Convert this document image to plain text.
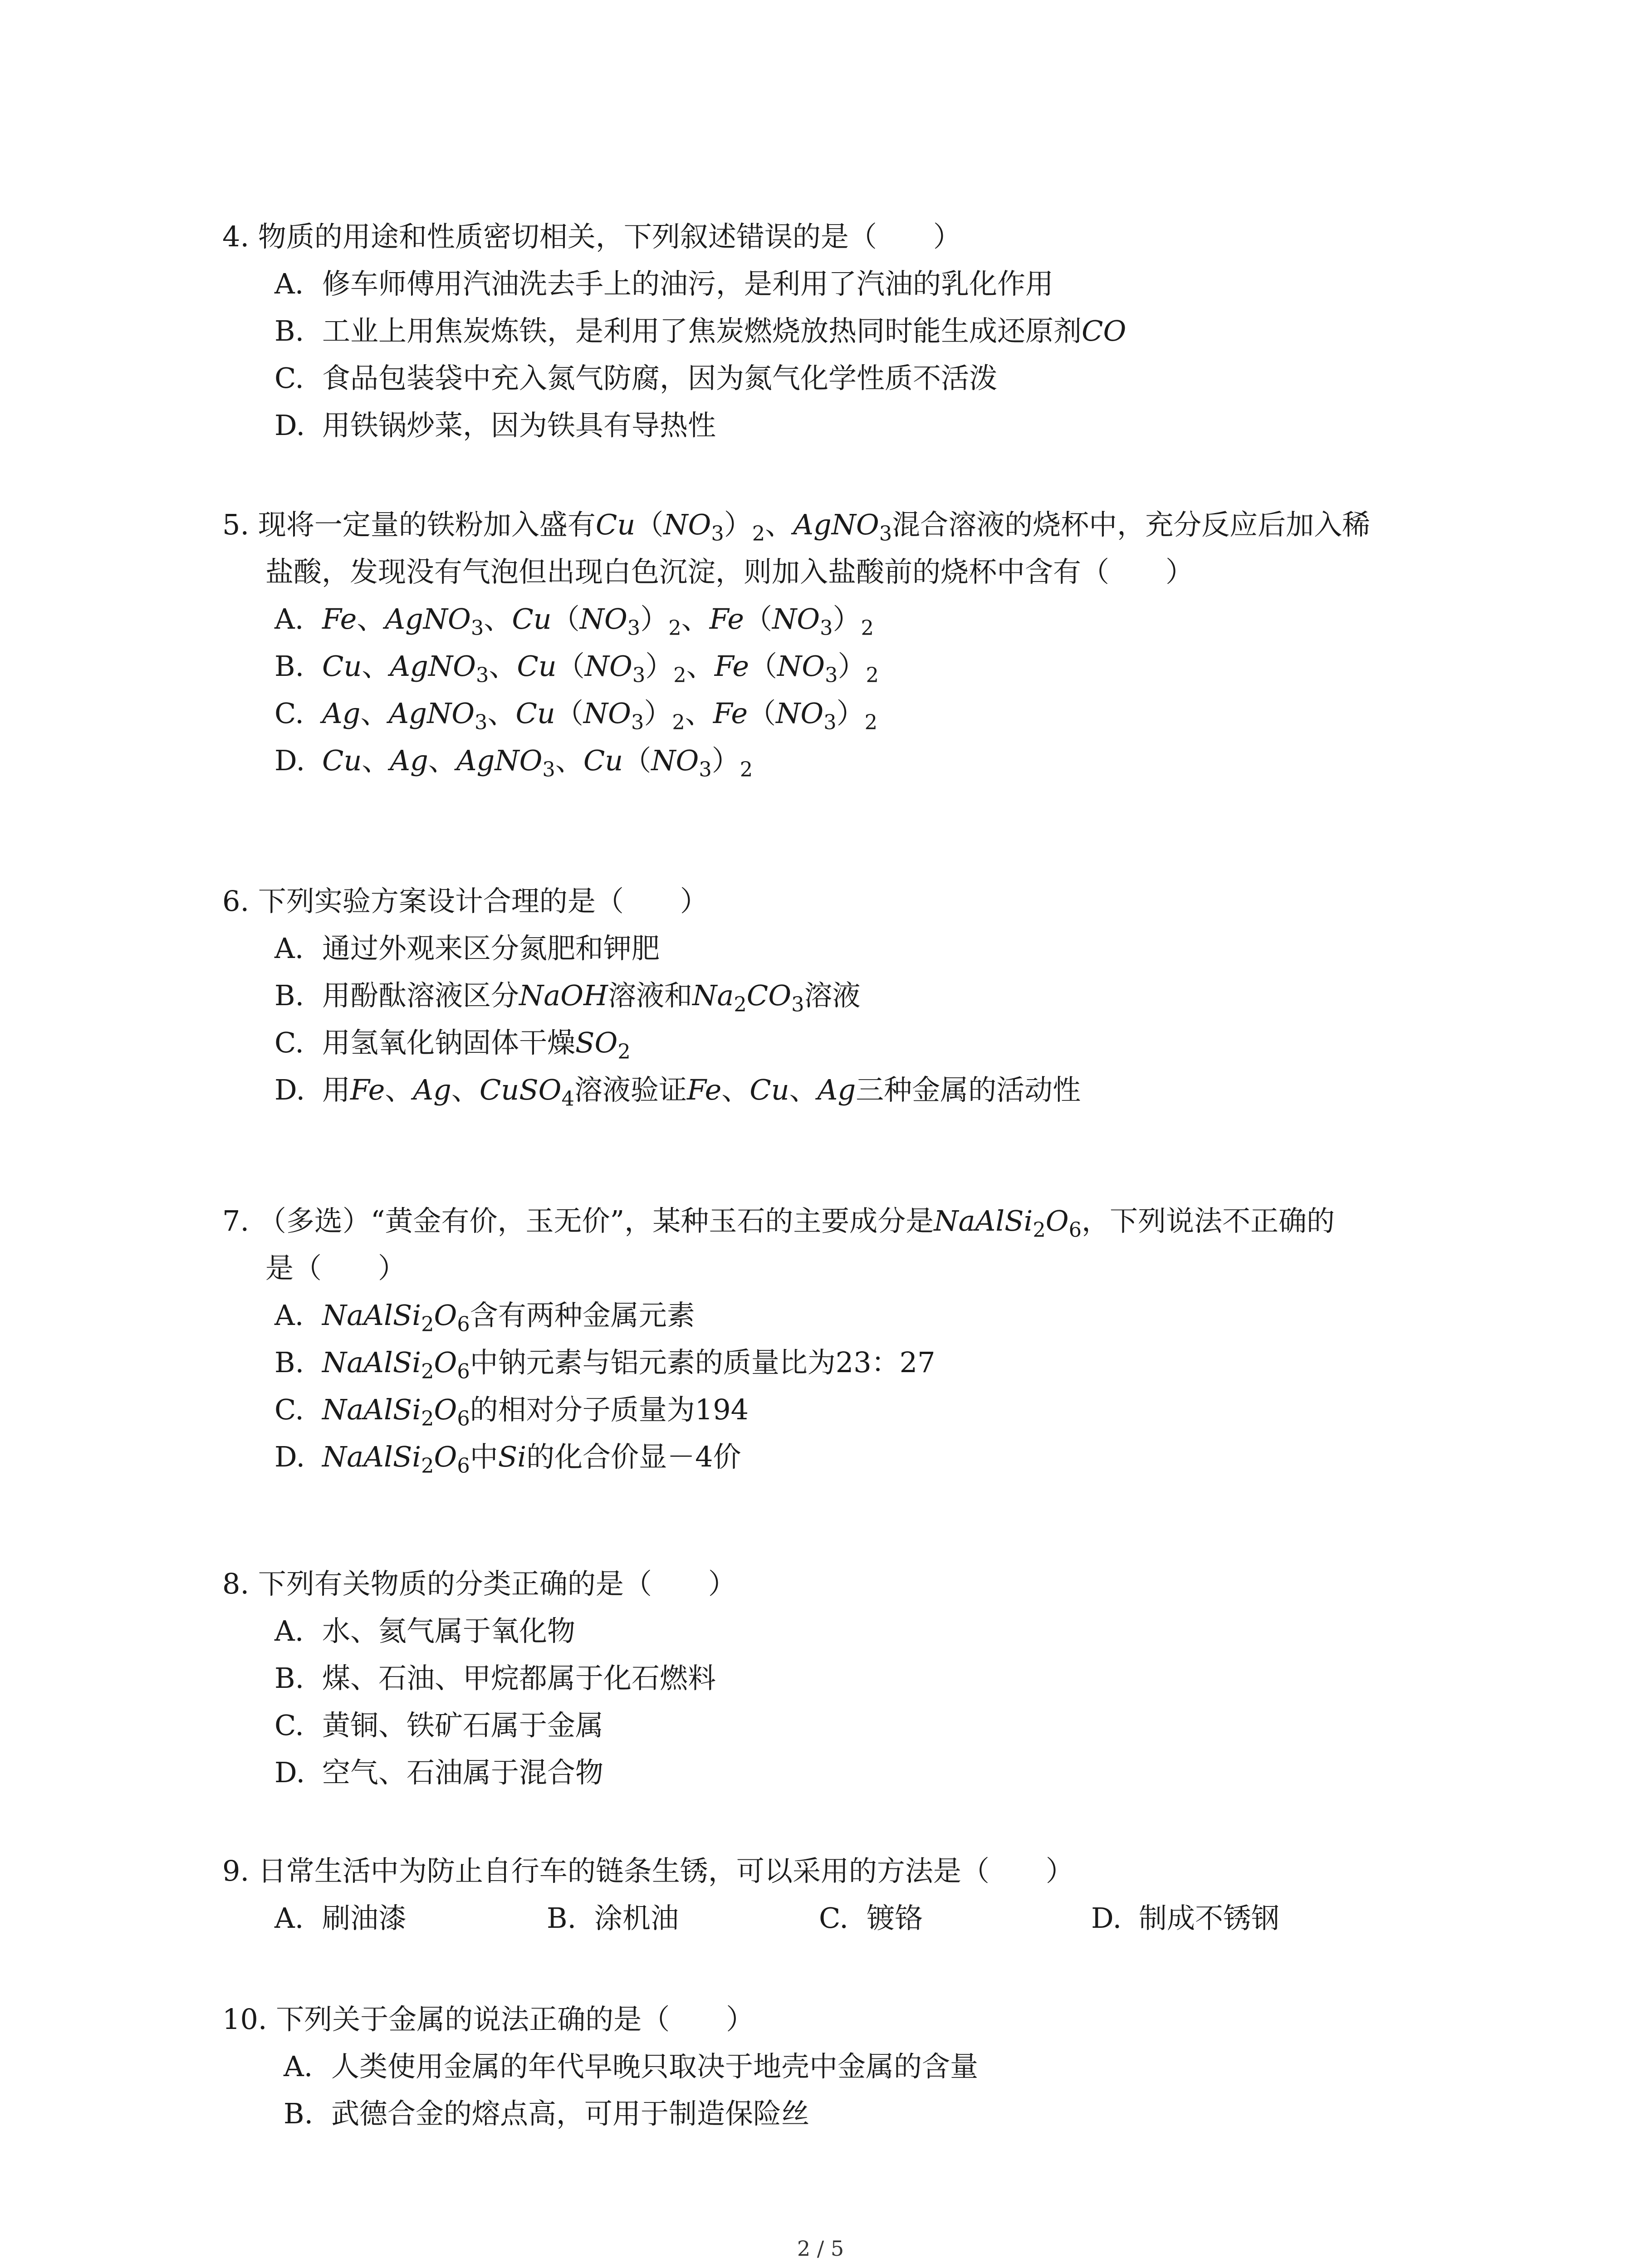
4. 物质的用途和性质密切相关，下列叙述错误的是（　　）
A. 修车师傅用汽油洗去手上的油污，是利用了汽油的乳化作用
B. 工业上用焦炭炼铁，是利用了焦炭燃烧放热同时能生成还原剂CO
C. 食品包装袋中充入氮气防腐，因为氮气化学性质不活泼
D. 用铁锅炒菜，因为铁具有导热性
5. 现将一定量的铁粉加入盛有$Cu(NO_3)_2$、AgNO$_3$混合溶液的烧杯中，充分反应后加入稀
盐酸，发现没有气泡但出现白色沉淀，则加入盐酸前的烧杯中含有（　　）
A. Fe、AgNO$_3$、$Cu(NO_3)_2$、$Fe(NO_3)_2$
B. Cu、AgNO$_3$、$Cu(NO_3)_2$、$Fe(NO_3)_2$
C. Ag、AgNO$_3$、$Cu(NO_3)_2$、$Fe(NO_3)_2$
D. Cu、Ag、AgNO$_3$、$Cu(NO_3)_2$
6. 下列实验方案设计合理的是（　　）
A. 通过外观来区分氮肥和钾肥
B. 用酚酞溶液区分NaOH溶液和$Na_2CO_3$溶液
C. 用氢氧化钠固体干燥$SO_2$
D. 用Fe、Ag、CuSO$_4$溶液验证Fe、Cu、Ag三种金属的活动性
7. （多选）“黄金有价，玉无价”，某种玉石的主要成分是$NaAlSi_2O_6$，下列说法不正确的
是（　　）
A. $NaAlSi_2O_6$含有两种金属元素
B. $NaAlSi_2O_6$中钠元素与铝元素的质量比为23：27
C. $NaAlSi_2O_6$的相对分子质量为194
D. $NaAlSi_2O_6$中Si的化合价显－4价
8. 下列有关物质的分类正确的是（　　）
A. 水、氦气属于氧化物
B. 煤、石油、甲烷都属于化石燃料
C. 黄铜、铁矿石属于金属
D. 空气、石油属于混合物
9. 日常生活中为防止自行车的链条生锈，可以采用的方法是（　　）
A. 刷油漆	B. 涂机油	C. 镀铬	D. 制成不锈钢
10. 下列关于金属的说法正确的是（　　）
A. 人类使用金属的年代早晚只取决于地壳中金属的含量
B. 武德合金的熔点高，可用于制造保险丝
2 / 5
